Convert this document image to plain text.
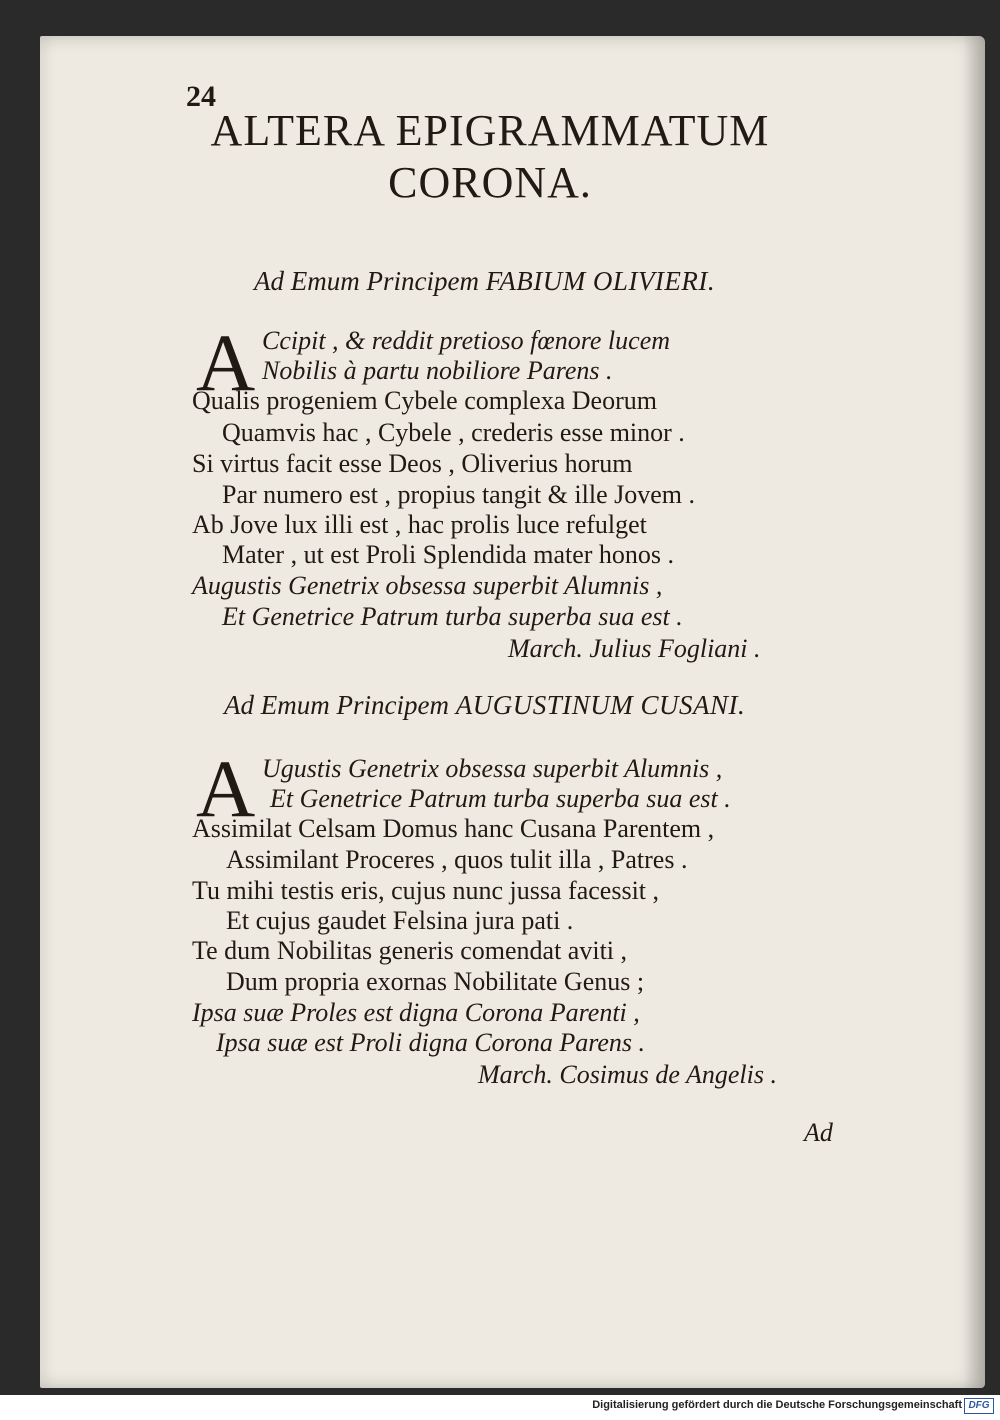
24
ALTERA EPIGRAMMATUM
CORONA.
Ad Emum Principem FABIUM OLIVIERI.
A Ccipit , & reddit pretioso fœnore lucem
Nobilis à partu nobiliore Parens .
Qualis progeniem Cybele complexa Deorum
Quamvis hac , Cybele , crederis esse minor .
Si virtus facit esse Deos , Oliverius horum
Par numero est , propius tangit & ille Jovem .
Ab Jove lux illi est , hac prolis luce refulget
Mater , ut est Proli Splendida mater honos .
Augustis Genetrix obsessa superbit Alumnis ,
Et Genetrice Patrum turba superba sua est .
March. Julius Fogliani .
Ad Emum Principem AUGUSTINUM CUSANI.
A Ugustis Genetrix obsessa superbit Alumnis ,
Et Genetrice Patrum turba superba sua est .
Assimilat Celsam Domus hanc Cusana Parentem ,
Assimilant Proceres , quos tulit illa , Patres .
Tu mihi testis eris, cujus nunc jussa facessit ,
Et cujus gaudet Felsina jura pati .
Te dum Nobilitas generis comendat aviti ,
Dum propria exornas Nobilitate Genus ;
Ipsa suæ Proles est digna Corona Parenti ,
Ipsa suæ est Proli digna Corona Parens .
March. Cosimus de Angelis .
Ad
Digitalisierung gefördert durch die Deutsche Forschungsgemeinschaft DFG
